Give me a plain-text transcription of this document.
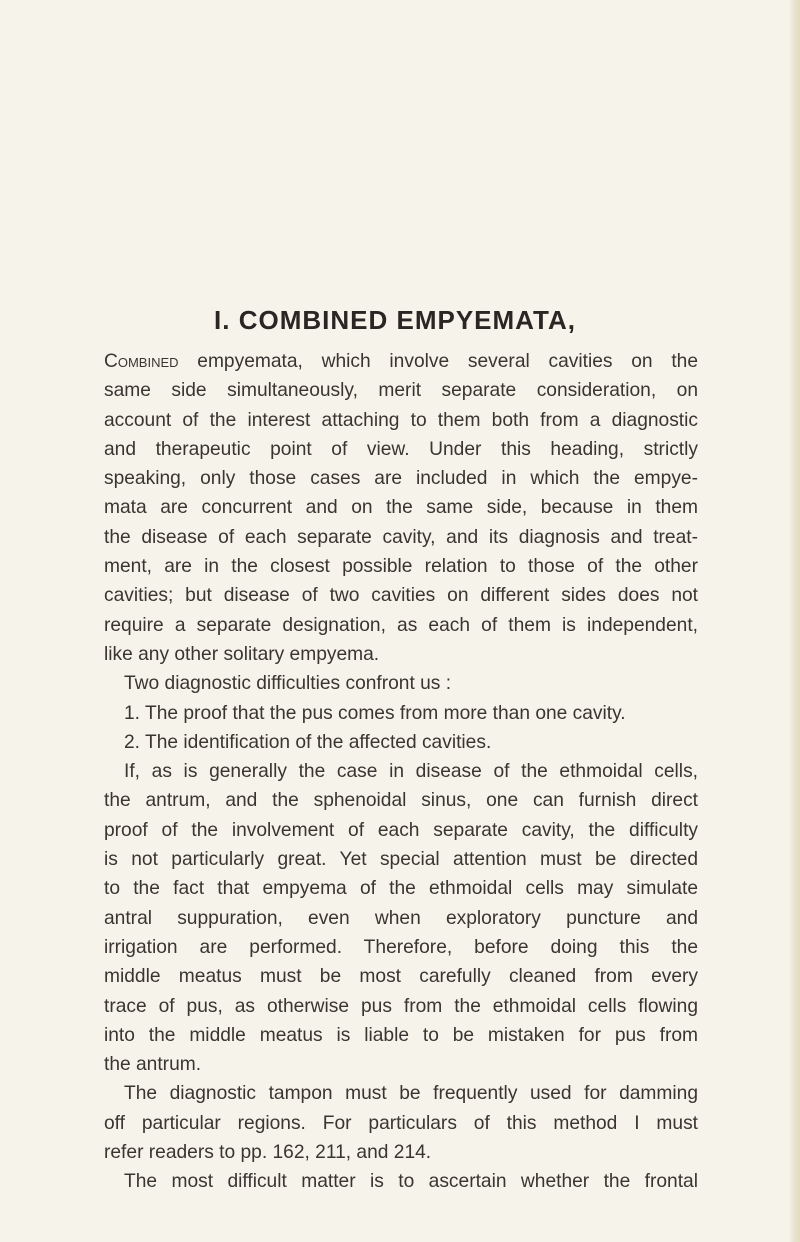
I. COMBINED EMPYEMATA,
Combined empyemata, which involve several cavities on the
same side simultaneously, merit separate consideration, on
account of the interest attaching to them both from a diagnostic
and therapeutic point of view. Under this heading, strictly
speaking, only those cases are included in which the empye-
mata are concurrent and on the same side, because in them
the disease of each separate cavity, and its diagnosis and treat-
ment, are in the closest possible relation to those of the other
cavities; but disease of two cavities on different sides does not
require a separate designation, as each of them is independent,
like any other solitary empyema.
Two diagnostic difficulties confront us :
1. The proof that the pus comes from more than one cavity.
2. The identification of the affected cavities.
If, as is generally the case in disease of the ethmoidal cells,
the antrum, and the sphenoidal sinus, one can furnish direct
proof of the involvement of each separate cavity, the difficulty
is not particularly great. Yet special attention must be directed
to the fact that empyema of the ethmoidal cells may simulate
antral suppuration, even when exploratory puncture and
irrigation are performed. Therefore, before doing this the
middle meatus must be most carefully cleaned from every
trace of pus, as otherwise pus from the ethmoidal cells flowing
into the middle meatus is liable to be mistaken for pus from
the antrum.
The diagnostic tampon must be frequently used for damming
off particular regions. For particulars of this method I must
refer readers to pp. 162, 211, and 214.
The most difficult matter is to ascertain whether the frontal
